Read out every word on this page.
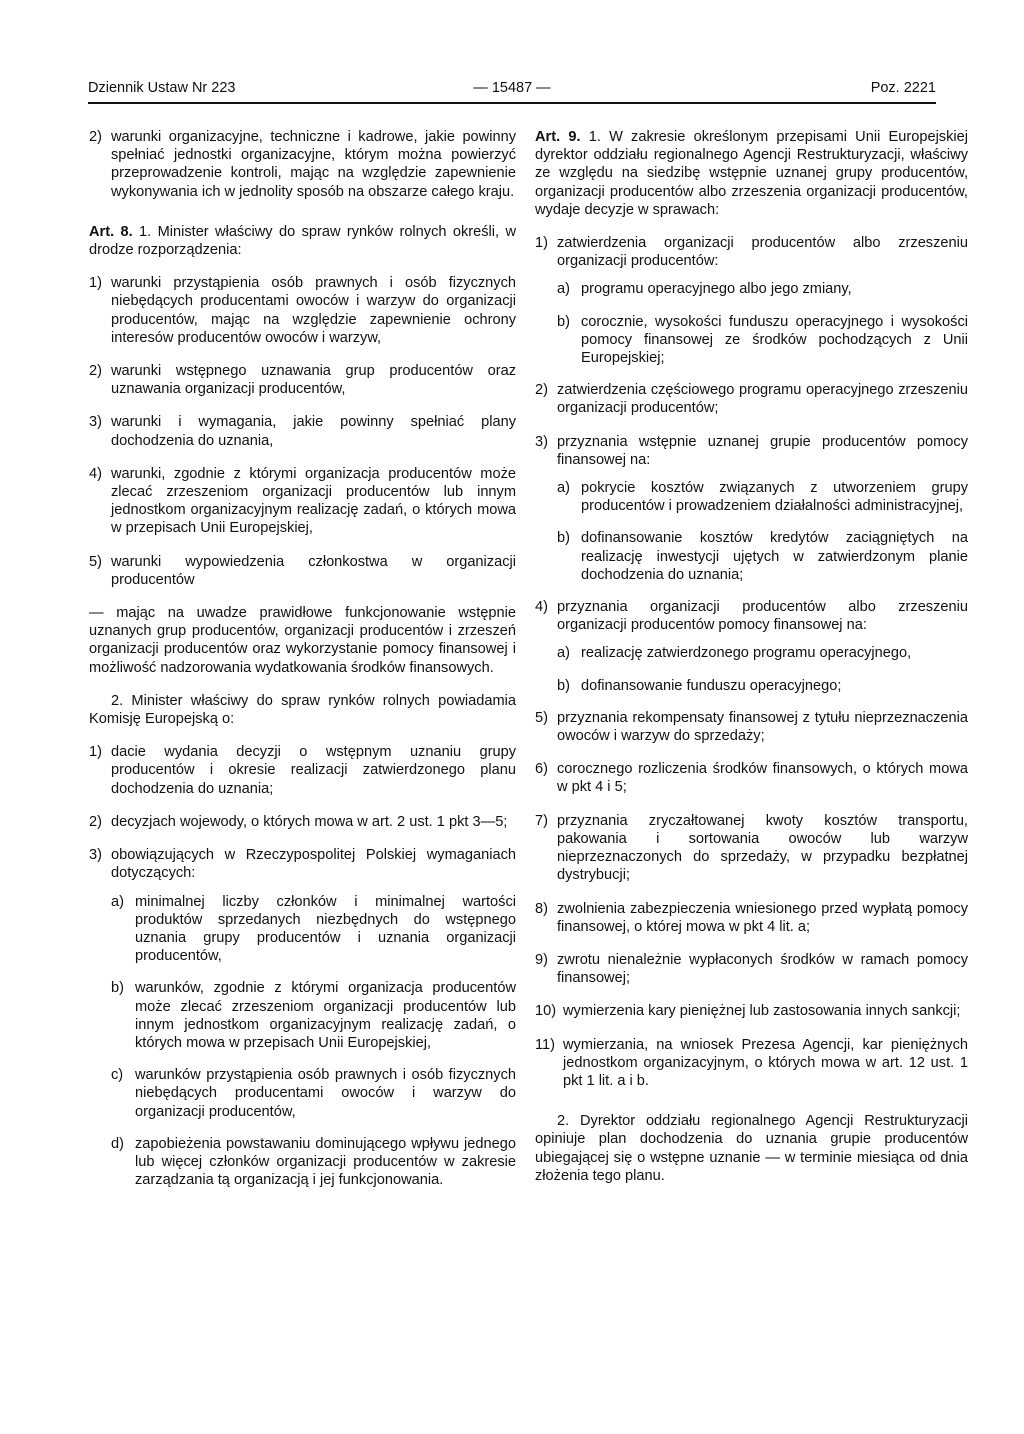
Dziennik Ustaw Nr 223	— 15487 —	Poz. 2221
2) warunki organizacyjne, techniczne i kadrowe, jakie powinny spełniać jednostki organizacyjne, którym można powierzyć przeprowadzenie kontroli, mając na względzie zapewnienie wykonywania ich w jednolity sposób na obszarze całego kraju.

Art. 8. 1. Minister właściwy do spraw rynków rolnych określi, w drodze rozporządzenia:

1) warunki przystąpienia osób prawnych i osób fizycznych niebędących producentami owoców i warzyw do organizacji producentów, mając na względzie zapewnienie ochrony interesów producentów owoców i warzyw,
2) warunki wstępnego uznawania grup producentów oraz uznawania organizacji producentów,
3) warunki i wymagania, jakie powinny spełniać plany dochodzenia do uznania,
4) warunki, zgodnie z którymi organizacja producentów może zlecać zrzeszeniom organizacji producentów lub innym jednostkom organizacyjnym realizację zadań, o których mowa w przepisach Unii Europejskiej,
5) warunki wypowiedzenia członkostwa w organizacji producentów

— mając na uwadze prawidłowe funkcjonowanie wstępnie uznanych grup producentów, organizacji producentów i zrzeszeń organizacji producentów oraz wykorzystanie pomocy finansowej i możliwość nadzorowania wydatkowania środków finansowych.

2. Minister właściwy do spraw rynków rolnych powiadamia Komisję Europejską o:

1) dacie wydania decyzji o wstępnym uznaniu grupy producentów i okresie realizacji zatwierdzonego planu dochodzenia do uznania;
2) decyzjach wojewody, o których mowa w art. 2 ust. 1 pkt 3—5;
3) obowiązujących w Rzeczypospolitej Polskiej wymaganiach dotyczących:
a) minimalnej liczby członków i minimalnej wartości produktów sprzedanych niezbędnych do wstępnego uznania grupy producentów i uznania organizacji producentów,
b) warunków, zgodnie z którymi organizacja producentów może zlecać zrzeszeniom organizacji producentów lub innym jednostkom organizacyjnym realizację zadań, o których mowa w przepisach Unii Europejskiej,
c) warunków przystąpienia osób prawnych i osób fizycznych niebędących producentami owoców i warzyw do organizacji producentów,
d) zapobieżenia powstawaniu dominującego wpływu jednego lub więcej członków organizacji producentów w zakresie zarządzania tą organizacją i jej funkcjonowania.

Art. 9. 1. W zakresie określonym przepisami Unii Europejskiej dyrektor oddziału regionalnego Agencji Restrukturyzacji, właściwy ze względu na siedzibę wstępnie uznanej grupy producentów, organizacji producentów albo zrzeszenia organizacji producentów, wydaje decyzje w sprawach:

1) zatwierdzenia organizacji producentów albo zrzeszeniu organizacji producentów:
a) programu operacyjnego albo jego zmiany,
b) corocznie, wysokości funduszu operacyjnego i wysokości pomocy finansowej ze środków pochodzących z Unii Europejskiej;
2) zatwierdzenia częściowego programu operacyjnego zrzeszeniu organizacji producentów;
3) przyznania wstępnie uznanej grupie producentów pomocy finansowej na:
a) pokrycie kosztów związanych z utworzeniem grupy producentów i prowadzeniem działalności administracyjnej,
b) dofinansowanie kosztów kredytów zaciągniętych na realizację inwestycji ujętych w zatwierdzonym planie dochodzenia do uznania;
4) przyznania organizacji producentów albo zrzeszeniu organizacji producentów pomocy finansowej na:
a) realizację zatwierdzonego programu operacyjnego,
b) dofinansowanie funduszu operacyjnego;
5) przyznania rekompensaty finansowej z tytułu nieprzeznaczenia owoców i warzyw do sprzedaży;
6) corocznego rozliczenia środków finansowych, o których mowa w pkt 4 i 5;
7) przyznania zryczałtowanej kwoty kosztów transportu, pakowania i sortowania owoców lub warzyw nieprzeznaczonych do sprzedaży, w przypadku bezpłatnej dystrybucji;
8) zwolnienia zabezpieczenia wniesionego przed wypłatą pomocy finansowej, o której mowa w pkt 4 lit. a;
9) zwrotu nienależnie wypłaconych środków w ramach pomocy finansowej;
10) wymierzenia kary pieniężnej lub zastosowania innych sankcji;
11) wymierzania, na wniosek Prezesa Agencji, kar pieniężnych jednostkom organizacyjnym, o których mowa w art. 12 ust. 1 pkt 1 lit. a i b.

2. Dyrektor oddziału regionalnego Agencji Restrukturyzacji opiniuje plan dochodzenia do uznania grupie producentów ubiegającej się o wstępne uznanie — w terminie miesiąca od dnia złożenia tego planu.
